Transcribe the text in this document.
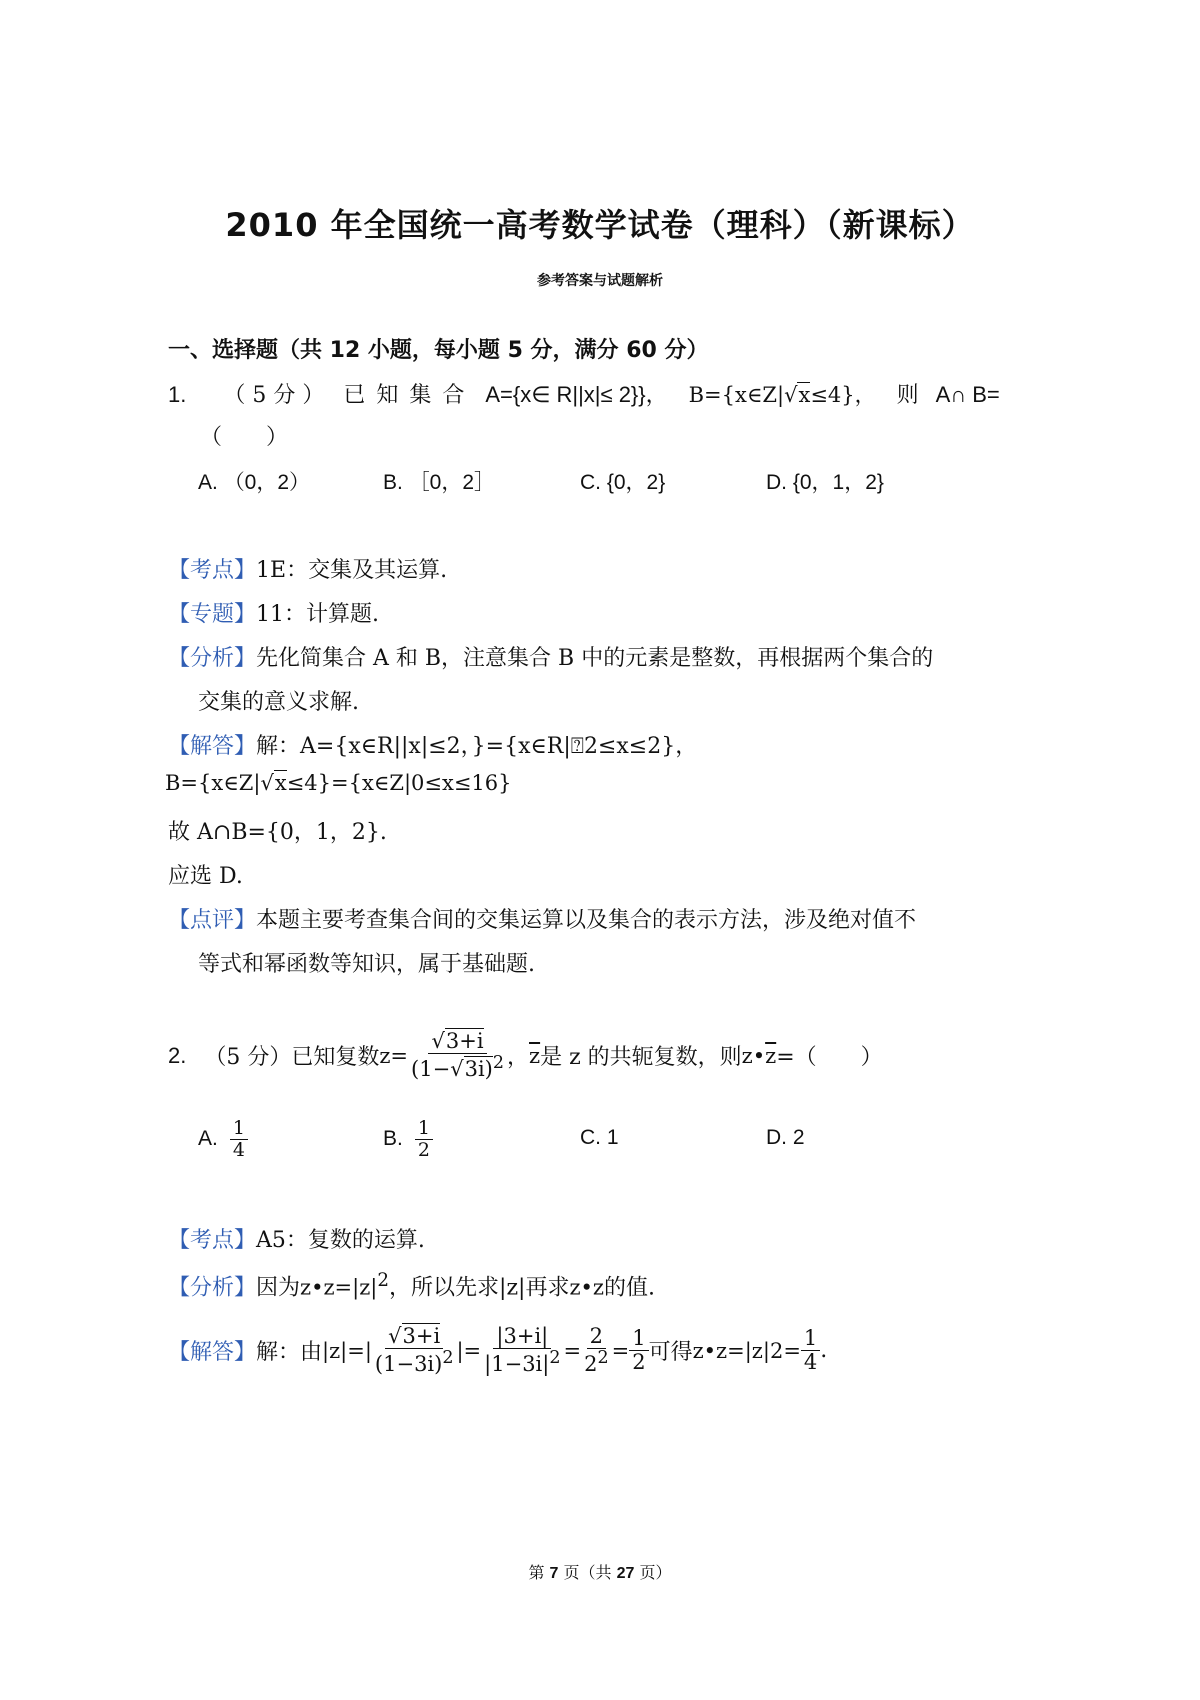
2010 年全国统一高考数学试卷（理科）（新课标）
参考答案与试题解析
一、选择题（共 12 小题，每小题 5 分，满分 60 分）
1. （ 5 分 ） 已 知 集 合 A={x∈ R||x|≤ 2}}， B={x∈Z|√x≤4}， 则 A∩ B=
（　　）
A. （0，2）	B. ［0，2］	C. {0，2}	D. {0，1，2}
【考点】1E：交集及其运算.
【专题】11：计算题.
【分析】先化简集合 A 和 B，注意集合 B 中的元素是整数，再根据两个集合的
交集的意义求解.
【解答】解：A={x∈R||x|≤2，}={x∈R|⍰2≤x≤2}，
B={x∈Z|√x≤4}={x∈Z|0≤x≤16}
故 A∩B={0，1，2}.
应选 D.
【点评】本题主要考查集合间的交集运算以及集合的表示方法，涉及绝对值不
等式和幂函数等知识，属于基础题.
2. （5 分）已知复数 $z= \frac{√3+i}{(1-√3i)^2}$ ， $\overline{z}$ 是 z 的共轭复数，则 $z•\overline{z}$ =（　　）
A. $\frac{1}{4}$	B. $\frac{1}{2}$	C. 1	D. 2
【考点】A5：复数的运算.
【分析】因为$z•z=|z|^2$，所以先求|z|再求z•z的值.
【解答】 解：由 $|z|=| \frac{√3+i}{(1-3i)^2}$ |= $\frac{|3+i|}{|1-3i|^2} = \frac{2}{2^2} = \frac{1}{2}$ 可得 z•z=|z| $2 = \frac{1}{4}$ .
第 7 页（共 27 页）
